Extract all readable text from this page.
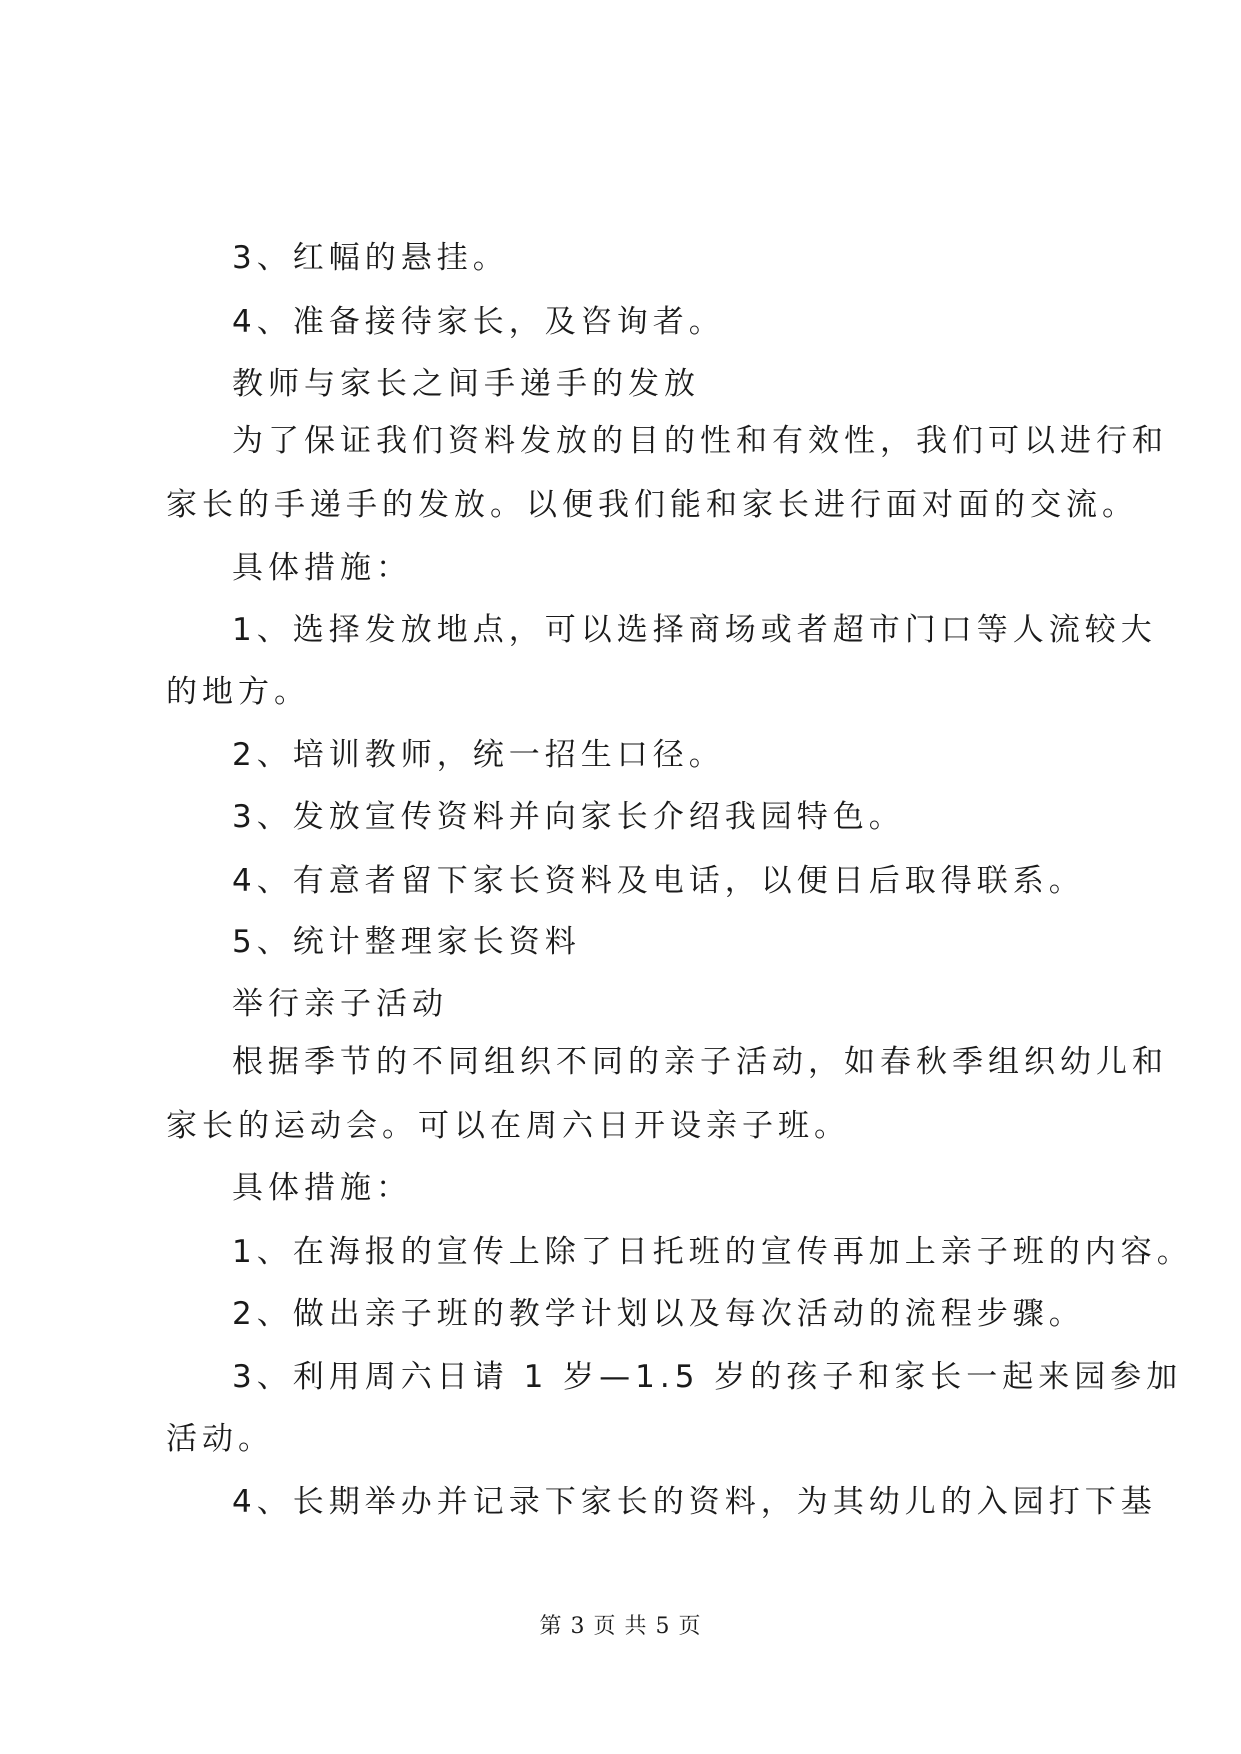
3、红幅的悬挂。

4、准备接待家长，及咨询者。

教师与家长之间手递手的发放

为了保证我们资料发放的目的性和有效性，我们可以进行和

家长的手递手的发放。以便我们能和家长进行面对面的交流。

具体措施：

1、选择发放地点，可以选择商场或者超市门口等人流较大

的地方。

2、培训教师，统一招生口径。

3、发放宣传资料并向家长介绍我园特色。

4、有意者留下家长资料及电话，以便日后取得联系。

5、统计整理家长资料

举行亲子活动

根据季节的不同组织不同的亲子活动，如春秋季组织幼儿和

家长的运动会。可以在周六日开设亲子班。

具体措施：

1、在海报的宣传上除了日托班的宣传再加上亲子班的内容。

2、做出亲子班的教学计划以及每次活动的流程步骤。

3、利用周六日请 1 岁—1.5 岁的孩子和家长一起来园参加

活动。

4、长期举办并记录下家长的资料，为其幼儿的入园打下基

第 3 页 共 5 页
